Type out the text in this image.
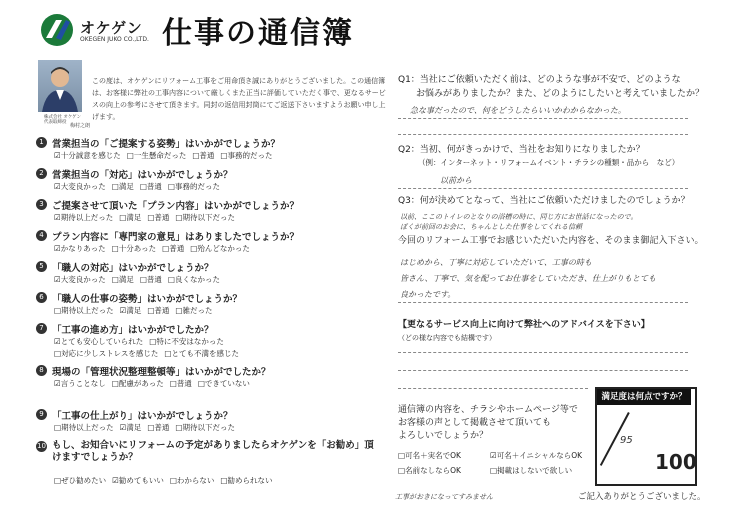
オケゲン
OKEGEN JUKO CO.,LTD. 仕事の通信簿
株式会社 オケゲン
代表取締役
梅村之朗
この度は、オケゲンにリフォーム工事をご用命頂き誠にありがとうございました。この通信簿は、お客様に弊社の工事内容について厳しくまた正当に評価していただく事で、更なるサービスの向上の参考にさせて頂きます。同封の返信用封筒にてご返送下さいますようお願い申し上げます。
1 営業担当の「ご提案する姿勢」はいかがでしょうか？
☑十分誠意を感じた □一生懸命だった □普通 □事務的だった
2 営業担当の「対応」はいかがでしょうか？
☑大変良かった □満足 □普通 □事務的だった
3 ご提案させて頂いた「プラン内容」はいかがでしょうか？
☑期待以上だった □満足 □普通 □期待以下だった
4 プラン内容に「専門家の意見」はありましたでしょうか？
☑かなりあった □十分あった □普通 □殆んどなかった
5 「職人の対応」はいかがでしょうか？
☑大変良かった □満足 □普通 □良くなかった
6 「職人の仕事の姿勢」はいかがでしょうか？
□期待以上だった ☑満足 □普通 □雑だった
7 「工事の進め方」はいかがでしたか？
☑とても安心していられた □特に不安はなかった
□対応に少しストレスを感じた □とても不満を感じた
8 現場の「管理状況整理整頓等」はいかがでしたか？
☑言うことなし □配慮があった □普通 □できていない
9 「工事の仕上がり」はいかがでしょうか？
□期待以上だった ☑満足 □普通 □期待以下だった
10 もし、お知合いにリフォームの予定がありましたらオケゲンを「お勧め」頂けますでしょうか？
□ぜひ勧めたい ☑勧めてもいい □わからない □勧められない
Q1：当社にご依頼いただく前は、どのような事が不安で、どのような
　　お悩みがありましたか？また、どのようにしたいと考えていましたか？
急な事だったので、何をどうしたらいいかわからなかった。
Q2：当初、何がきっかけで、当社をお知りになりましたか？
（例：インターネット・リフォームイベント・チラシの種類・品から　など）
以前から
Q3：何が決めてとなって、当社にご依頼いただけましたのでしょうか？
以前、ここのトイレのとなりの浴槽の時に、同じ方にお世話になったので。
ぼくが前回のお会に、ちゃんとした仕事をしてくれる信頼
今回のリフォーム工事でお感じいただいた内容を、そのまま御記入下さい。
はじめから、丁寧に対応していただいて、工事の時も
皆さん、丁寧で、気を配ってお仕事をしていただき、仕上がりもとても
良かったです。
【更なるサービス向上に向けて弊社へのアドバイスを下さい】
（どの様な内容でも結構です）
通信簿の内容を、チラシやホームページ等で
お客様の声として掲載させて頂いても
よろしいでしょうか？
□可名＋実名でOK	☑可名＋イニシャルならOK
□名前なしならOK	□掲載はしないで欲しい
工事がおきになってすみません	ご記入ありがとうございました。
満足度は何点ですか？
95
100
